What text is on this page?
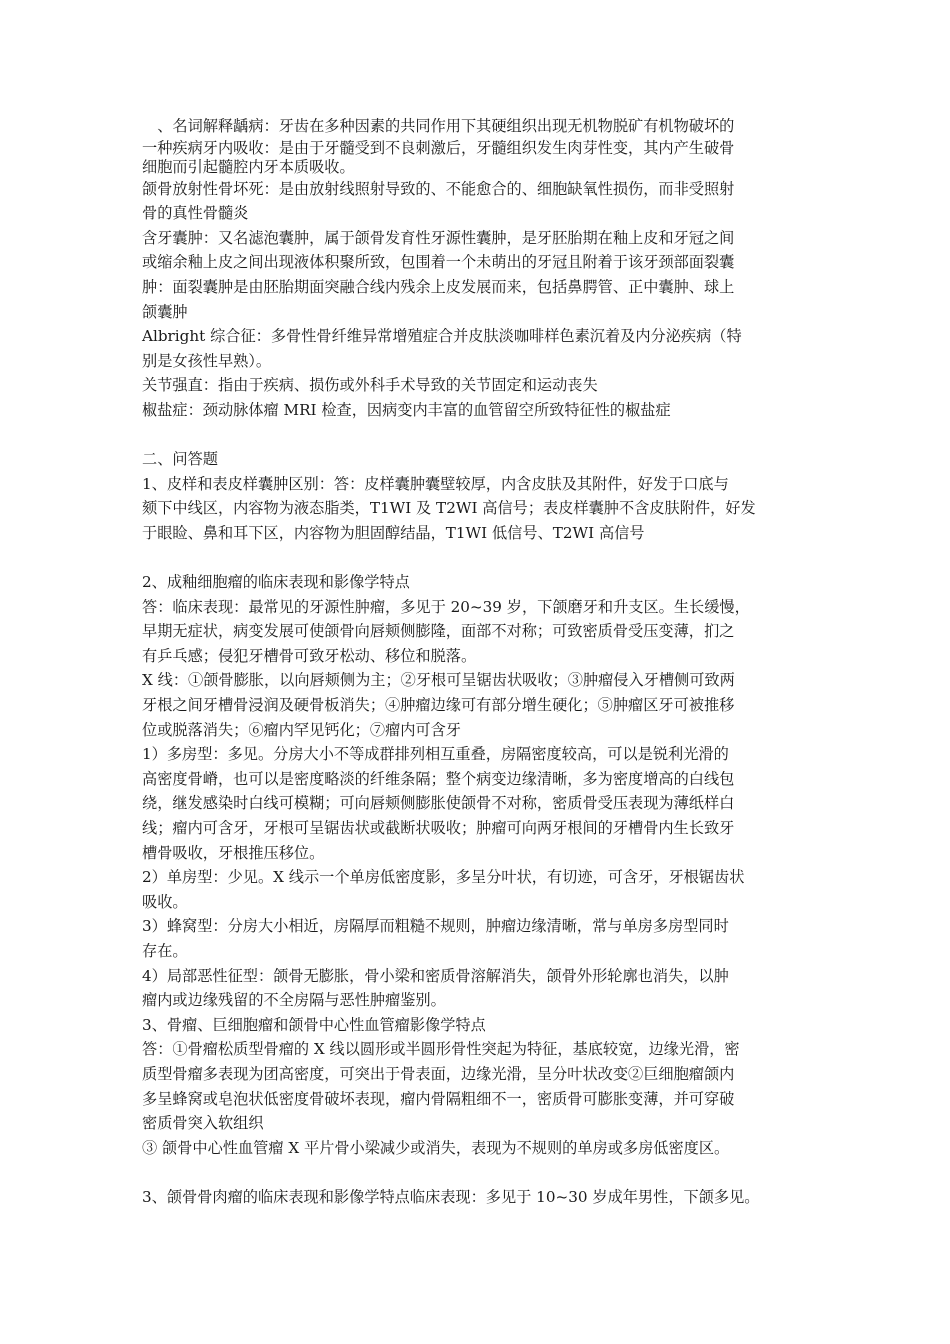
　、名词解释龋病：牙齿在多种因素的共同作用下其硬组织出现无机物脱矿有机物破坏的
一种疾病牙内吸收：是由于牙髓受到不良刺激后，牙髓组织发生肉芽性变，其内产生破骨
细胞而引起髓腔内牙本质吸收。
颌骨放射性骨坏死：是由放射线照射导致的、不能愈合的、细胞缺氧性损伤，而非受照射
骨的真性骨髓炎
含牙囊肿：又名滤泡囊肿，属于颌骨发育性牙源性囊肿，是牙胚胎期在釉上皮和牙冠之间
或缩余釉上皮之间出现液体积聚所致，包围着一个未萌出的牙冠且附着于该牙颈部面裂囊
肿：面裂囊肿是由胚胎期面突融合线内残余上皮发展而来，包括鼻腭管、正中囊肿、球上
颌囊肿
Albright 综合征：多骨性骨纤维异常增殖症合并皮肤淡咖啡样色素沉着及内分泌疾病（特
别是女孩性早熟）。
关节强直：指由于疾病、损伤或外科手术导致的关节固定和运动丧失
椒盐症：颈动脉体瘤 MRI 检查，因病变内丰富的血管留空所致特征性的椒盐症
二、问答题
1、皮样和表皮样囊肿区别：答：皮样囊肿囊壁较厚，内含皮肤及其附件，好发于口底与
颏下中线区，内容物为液态脂类，T1WI 及 T2WI 高信号；表皮样囊肿不含皮肤附件，好发
于眼睑、鼻和耳下区，内容物为胆固醇结晶，T1WI 低信号、T2WI 高信号
2、成釉细胞瘤的临床表现和影像学特点
答：临床表现：最常见的牙源性肿瘤，多见于 20~39 岁，下颌磨牙和升支区。生长缓慢，
早期无症状，病变发展可使颌骨向唇颊侧膨隆，面部不对称；可致密质骨受压变薄，扪之
有乒乓感；侵犯牙槽骨可致牙松动、移位和脱落。
X 线：①颌骨膨胀，以向唇颊侧为主；②牙根可呈锯齿状吸收；③肿瘤侵入牙槽侧可致两
牙根之间牙槽骨浸润及硬骨板消失；④肿瘤边缘可有部分增生硬化；⑤肿瘤区牙可被推移
位或脱落消失；⑥瘤内罕见钙化；⑦瘤内可含牙
1）多房型：多见。分房大小不等成群排列相互重叠，房隔密度较高，可以是锐利光滑的
高密度骨嵴，也可以是密度略淡的纤维条隔；整个病变边缘清晰，多为密度增高的白线包
绕，继发感染时白线可模糊；可向唇颊侧膨胀使颌骨不对称，密质骨受压表现为薄纸样白
线；瘤内可含牙，牙根可呈锯齿状或截断状吸收；肿瘤可向两牙根间的牙槽骨内生长致牙
槽骨吸收，牙根推压移位。
2）单房型：少见。X 线示一个单房低密度影，多呈分叶状，有切迹，可含牙，牙根锯齿状
吸收。
3）蜂窝型：分房大小相近，房隔厚而粗糙不规则，肿瘤边缘清晰，常与单房多房型同时
存在。
4）局部恶性征型：颌骨无膨胀，骨小梁和密质骨溶解消失，颌骨外形轮廓也消失，以肿
瘤内或边缘残留的不全房隔与恶性肿瘤鉴别。
3、骨瘤、巨细胞瘤和颌骨中心性血管瘤影像学特点
答：①骨瘤松质型骨瘤的 X 线以圆形或半圆形骨性突起为特征，基底较宽，边缘光滑，密
质型骨瘤多表现为团高密度，可突出于骨表面，边缘光滑，呈分叶状改变②巨细胞瘤颌内
多呈蜂窝或皂泡状低密度骨破坏表现，瘤内骨隔粗细不一，密质骨可膨胀变薄，并可穿破
密质骨突入软组织
③ 颌骨中心性血管瘤 X 平片骨小梁减少或消失，表现为不规则的单房或多房低密度区。
3、颌骨骨肉瘤的临床表现和影像学特点临床表现：多见于 10~30 岁成年男性，下颌多见。
